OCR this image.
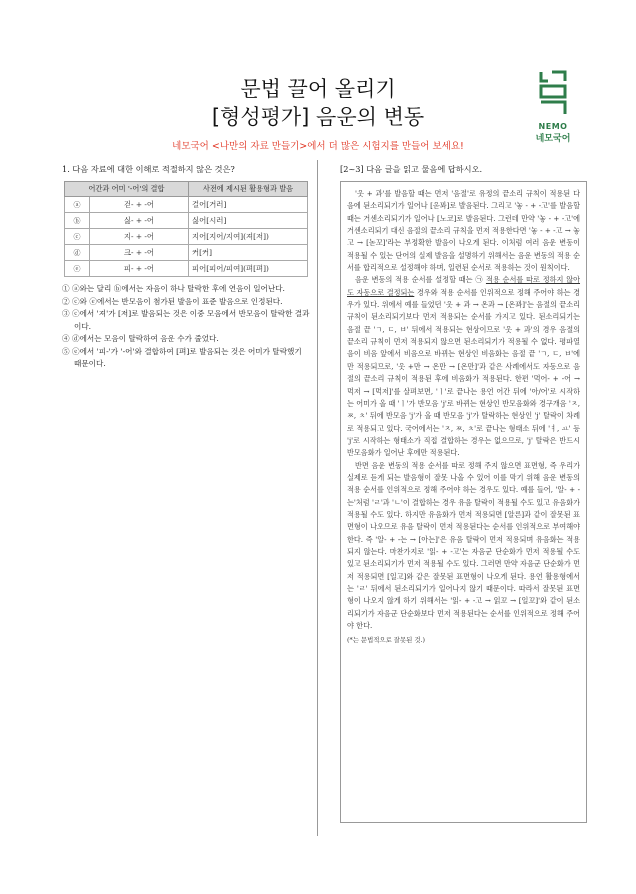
문법 끌어 올리기
[형성평가] 음운의 변동	NEMO
네모국어
네모국어 <나만의 자료 만들기>에서 더 많은 시험지를 만들어 보세요!
1. 다음 자료에 대한 이해로 적절하지 않은 것은?
어간과 어미 '-어'의 결합		사전에 제시된 활용형과 발음
ⓐ	걷- + -어	걸어[거러]
ⓑ	싫- + -어	싫어[시러]
ⓒ	지- + -어	지어[지어/지여](져[저])
ⓓ	크- + -어	커[커]
ⓔ	피- + -어	피어[피어/피여](펴[펴])
① ⓐ와는 달리 ⓑ에서는 자음이 하나 탈락한 후에 연음이 일어난다.
② ⓒ와 ⓔ에서는 반모음이 첨가된 발음이 표준 발음으로 인정된다.
③ ⓒ에서 '져'가 [저]로 발음되는 것은 이중 모음에서 반모음이 탈락한 결과이다.
④ ⓓ에서는 모음이 탈락하여 음운 수가 줄었다.
⑤ ⓔ에서 '피-'가 '-어'와 결합하여 [펴]로 발음되는 것은 어미가 탈락했기 때문이다.
[2~3] 다음 글을 읽고 물음에 답하시오.

'옷 + 과'를 발음할 때는 먼저 '음절'로 유정의 끝소리 규칙이 적용된 다음에 된소리되기가 일어나 [옫꽈]로 발음된다. 그리고 '놓 - + -고'를 발음할 때는 거센소리되기가 일어나 [노코]로 발음된다. 그런데 만약 '놓 - + -고'에 거센소리되기 대신 음절의 끝소리 규칙을 먼저 적용한다면 '놓 - + -고 → 놓고 → [녿꼬]'라는 부정확한 발음이 나오게 된다. 이처럼 여러 음운 변동이 적용될 수 있는 단어의 실제 발음을 설명하기 위해서는 음운 변동의 적용 순서를 합리적으로 설정해야 하며, 일련된 순서로 적용하는 것이 원칙이다.

음운 변동의 적용 순서를 설정할 때는 ㉠ 적용 순서를 따로 정하지 않아도 자동으로 결정되는 경우와 적용 순서를 인위적으로 정해 주어야 하는 경우가 있다. 위에서 예를 들었던 '옷 + 과 → 온과 → [온꽈]'는 음절의 끝소리 규칙이 된소리되기보다 먼저 적용되는 순서를 가지고 있다. 된소리되기는 음절 끝 'ㄱ, ㄷ, ㅂ' 뒤에서 적용되는 현상이므로 '옷 + 과'의 경우 음절의 끝소리 규칙이 먼저 적용되지 않으면 된소리되기가 적용될 수 없다. 평파열음이 비음 앞에서 비음으로 바뀌는 현상인 비음화는 음절 끝 'ㄱ, ㄷ, ㅂ'에만 적용되므로, '옷 +만 → 온만 → [온만]'과 같은 사례에서도 자동으로 음절의 끝소리 규칙이 적용된 후에 비음화가 적용된다. 한편 '먹어- + -어 → 먹저 → [먹저]'를 살펴보면, 'ㅣ'로 끝나는 용언 어간 뒤에 '아/어'로 시작하는 어미가 올 때 'ㅣ'가 반모음 'j'로 바뀌는 현상인 반모음화와 경구개음 'ㅈ, ㅉ, ㅊ' 뒤에 반모음 'j'가 올 때 반모음 'j'가 탈락하는 현상인 'j' 탈락이 차례로 적용되고 있다. 국어에서는 'ㅈ, ㅉ, ㅊ'로 끝나는 형태소 뒤에 'ㅕ, ㅛ' 등 'j'로 시작하는 형태소가 직접 결합하는 경우는 없으므로, 'j' 탈락은 반드시 반모음화가 일어난 후에만 적용된다.

반면 음운 변동의 적용 순서를 따로 정해 주지 않으면 표면형, 즉 우리가 실제로 듣게 되는 발음형이 잘못 나올 수 있어 이를 막기 위해 음운 변동의 적용 순서를 인위적으로 정해 주어야 하는 경우도 있다. 예를 들어, '알- + -는'처럼 'ㄹ'과 'ㄴ'이 결합하는 경우 유음 탈락이 적용될 수도 있고 유음화가 적용될 수도 있다. 하지만 유음화가 먼저 적용되면 [알른]과 같이 잘못된 표면형이 나오므로 유음 탈락이 먼저 적용된다는 순서를 인위적으로 부여해야 한다. 즉 '알- + -는 → [아는]'은 유음 탈락이 먼저 적용되며 유음화는 적용되지 않는다. 마찬가지로 '읽- + -고'는 자음군 단순화가 먼저 적용될 수도 있고 된소리되기가 먼저 적용될 수도 있다. 그러면 만약 자음군 단순화가 먼저 적용되면 [일고]와 같은 잘못된 표면형이 나오게 된다. 용언 활용형에서는 'ㄹ' 뒤에서 된소리되기가 일어나지 않기 때문이다. 따라서 잘못된 표면형이 나오지 않게 하기 위해서는 '읽- + -고 → 읽꼬 → [일꼬]'와 같이 된소리되기가 자음군 단순화보다 먼저 적용된다는 순서를 인위적으로 정해 주어야 한다.

(*는 문법적으로 잘못된 것.)
